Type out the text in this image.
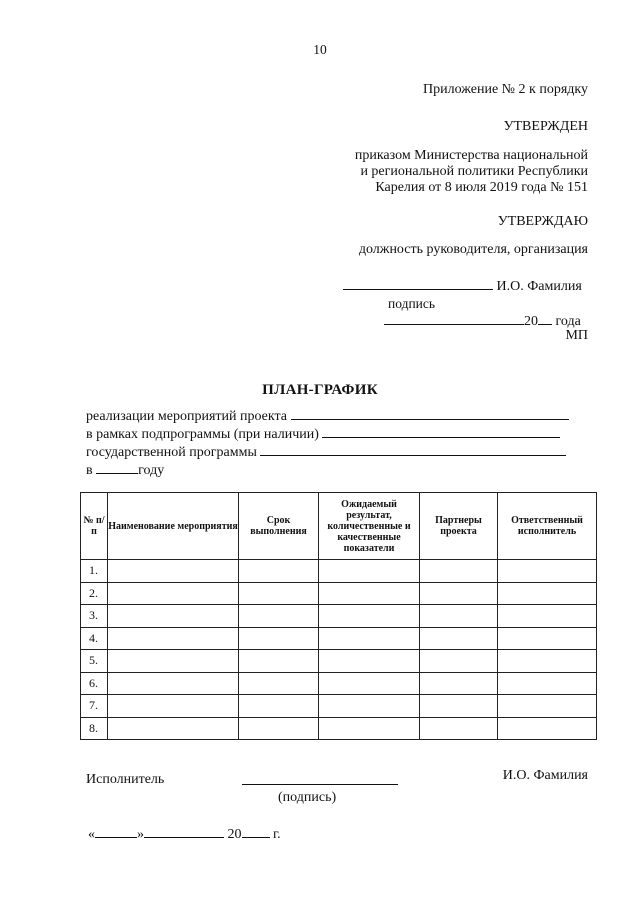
10
Приложение № 2 к порядку
УТВЕРЖДЕН
приказом Министерства национальной
и региональной политики Республики
Карелия от 8 июля 2019 года № 151
УТВЕРЖДАЮ
должность руководителя, организация
И.О. Фамилия
подпись
20 года
МП
ПЛАН-ГРАФИК
реализации мероприятий проекта
в рамках подпрограммы (при наличии)
государственной программы
в	году
№ п/п	Наименование мероприятия	Срок выполнения	Ожидаемый результат, количественные и качественные показатели	Партнеры проекта	Ответственный исполнитель
1.					
2.					
3.					
4.					
5.					
6.					
7.					
8.					
Исполнитель	И.О. Фамилия
(подпись)
«	»	20 г.
